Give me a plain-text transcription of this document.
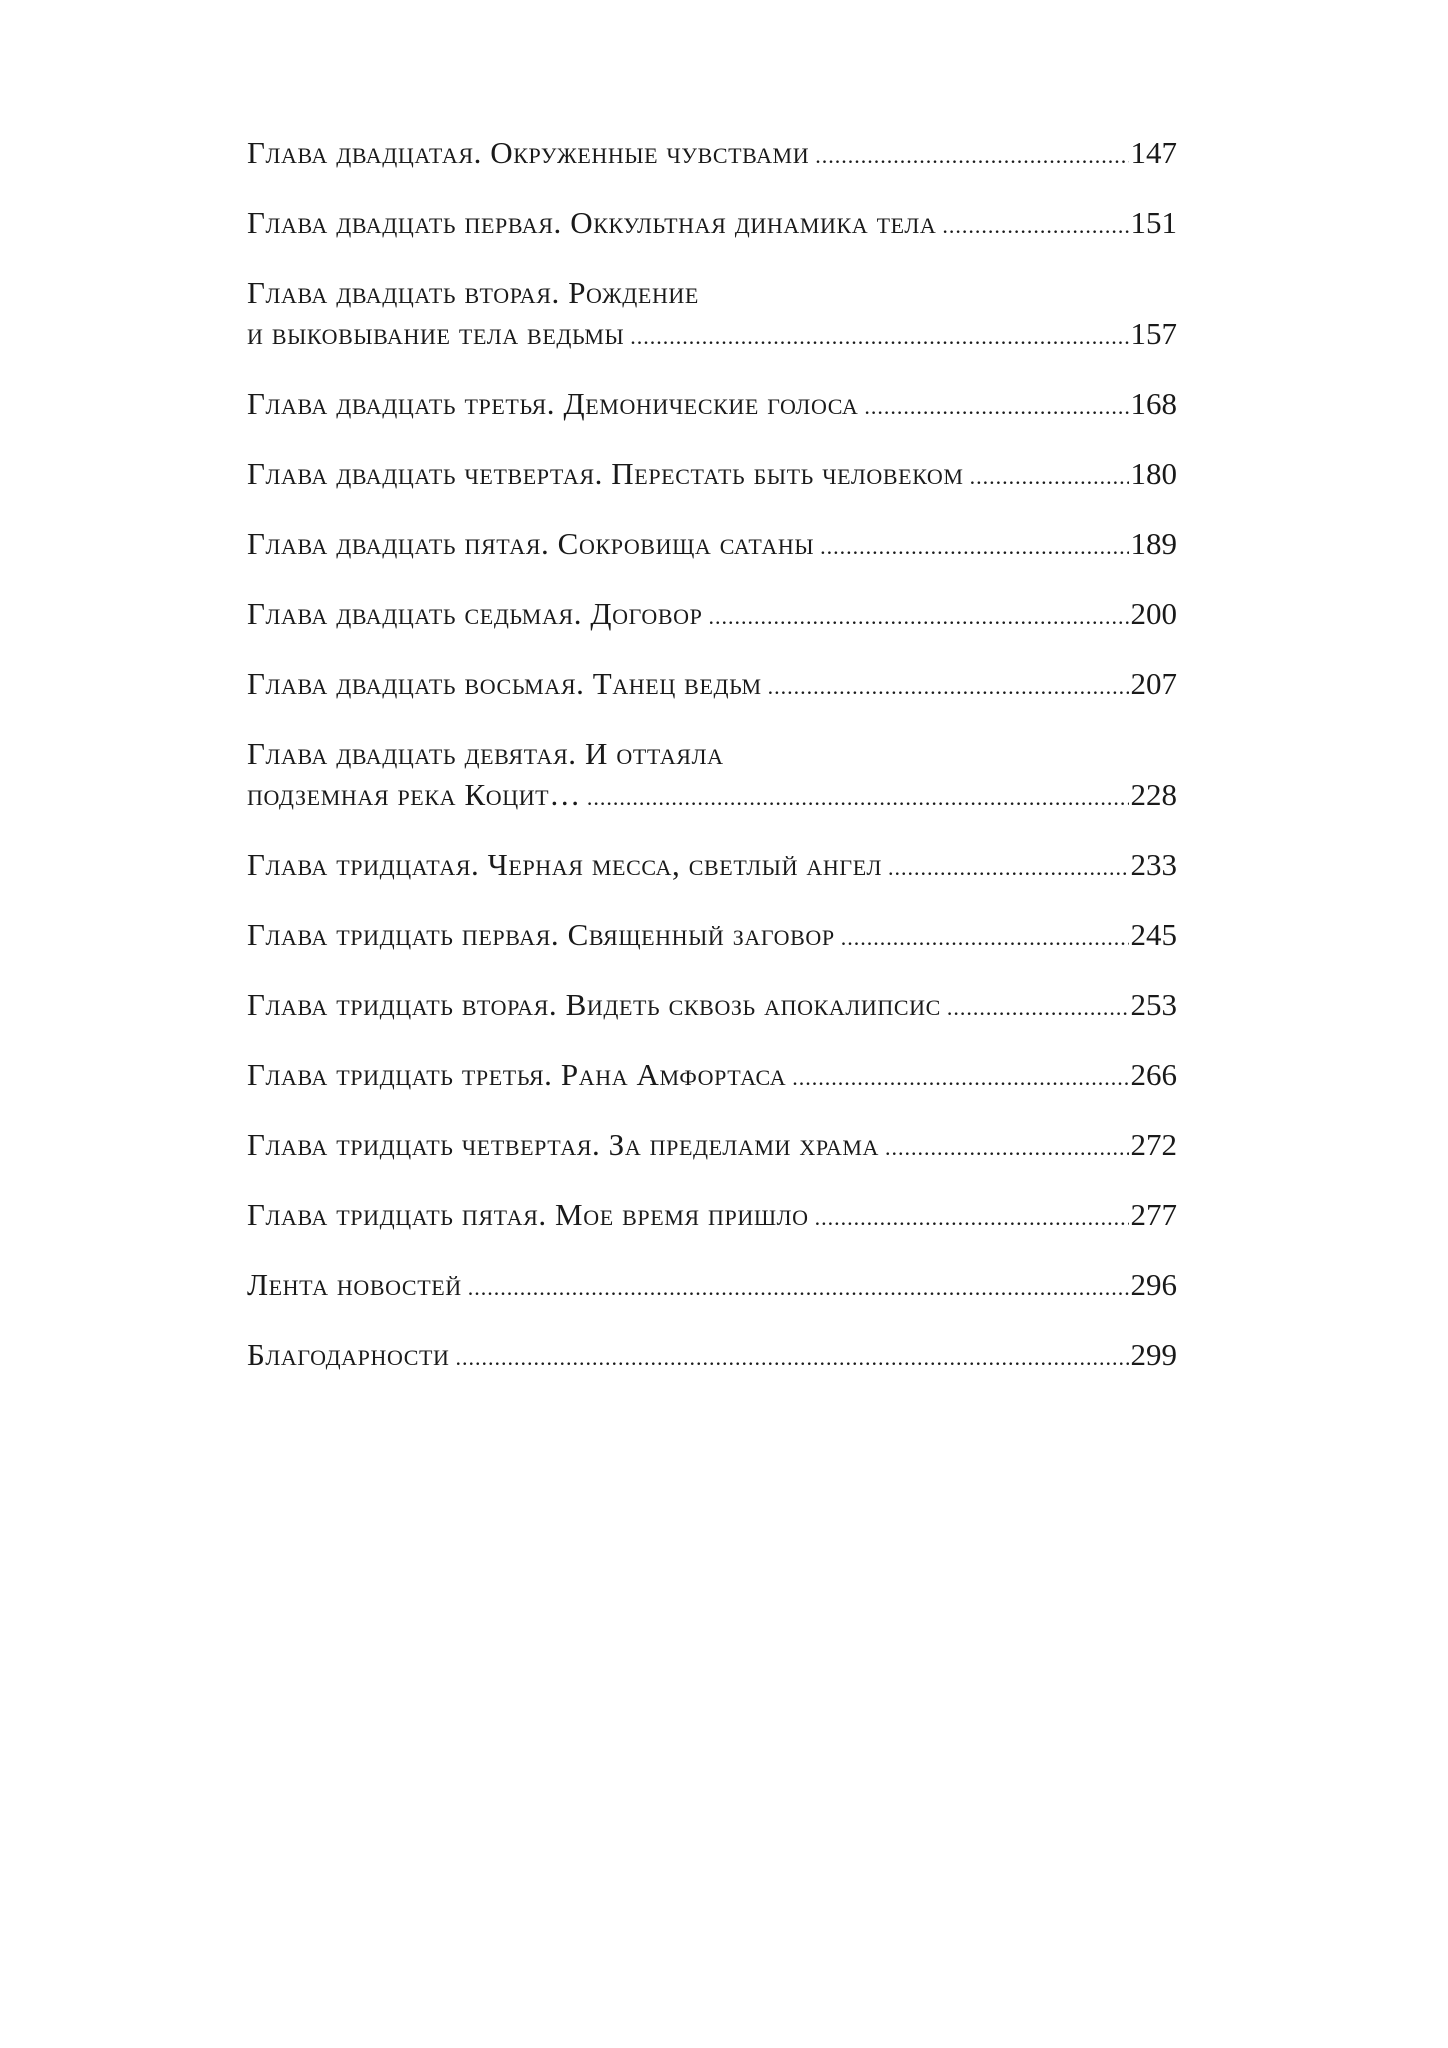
Глава двадцатая. Окруженные чувствами .....	147
Глава двадцать первая. Оккультная динамика тела .....	151
Глава двадцать вторая. Рождение
и выковывание тела ведьмы .....	157
Глава двадцать третья. Демонические голоса .....	168
Глава двадцать четвертая. Перестать быть человеком .....	180
Глава двадцать пятая. Сокровища сатаны .....	189
Глава двадцать седьмая. Договор .....	200
Глава двадцать восьмая. Танец ведьм .....	207
Глава двадцать девятая. И оттаяла
подземная река Коцит… .....	228
Глава тридцатая. Черная месса, светлый ангел .....	233
Глава тридцать первая. Священный заговор .....	245
Глава тридцать вторая. Видеть сквозь апокалипсис .....	253
Глава тридцать третья. Рана Амфортаса .....	266
Глава тридцать четвертая. За пределами храма .....	272
Глава тридцать пятая. Мое время пришло .....	277
Лента новостей .....	296
Благодарности .....	299
